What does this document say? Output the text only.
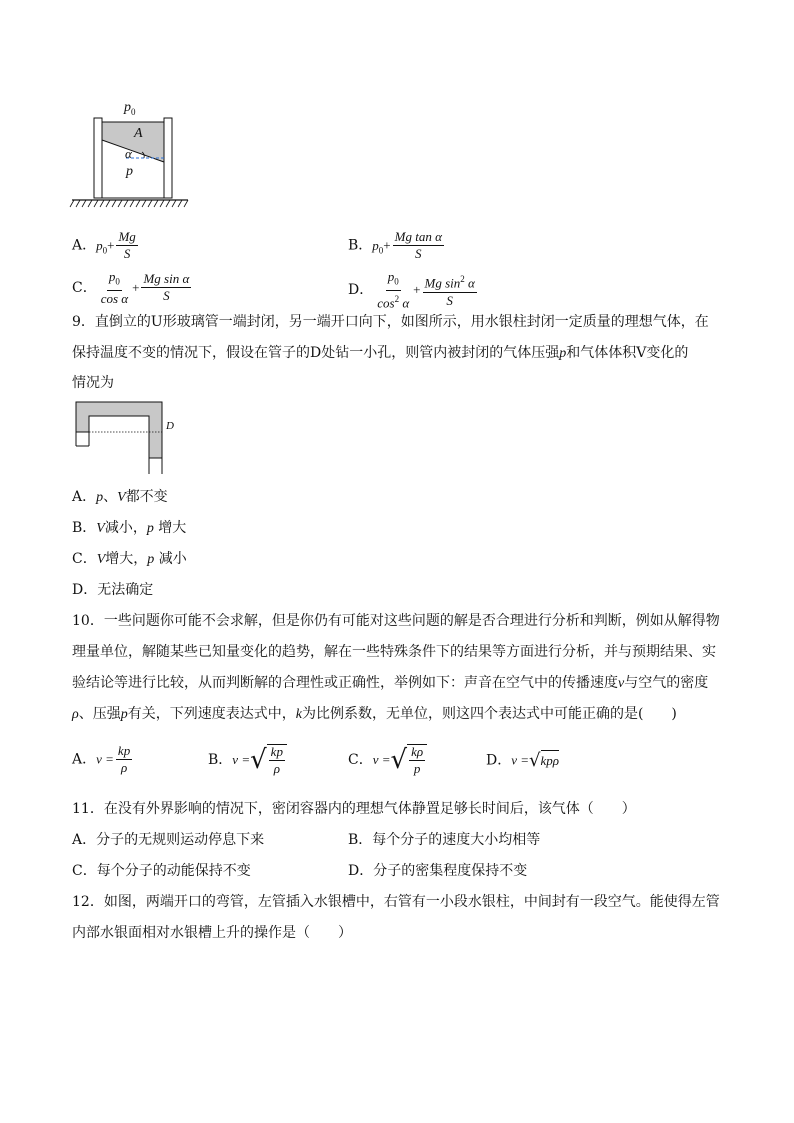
$p_0$
A
α
p
A．$p_0+ \frac{Mg}{S}$	B．$p_0+ \frac{\text{Mg tan α}}{S}$
C． $\frac{p_0}{\text{cos α}} + \frac{\text{Mg sin α}}{S}$	D． $\frac{p_0}{\cos^2 \alpha} + \frac{Mg \sin^2 \alpha}{S}$
9．直倒立的U形玻璃管一端封闭，另一端开口向下，如图所示，用水银柱封闭一定质量的理想气体，在
保持温度不变的情况下，假设在管子的D处钻一小孔，则管内被封闭的气体压强p和气体体积V变化的
情况为
D
A．p、V都不变
B．V减小，p 增大
C．V增大，p 减小
D．无法确定
10．一些问题你可能不会求解，但是你仍有可能对这些问题的解是否合理进行分析和判断，例如从解得物
理量单位，解随某些已知量变化的趋势，解在一些特殊条件下的结果等方面进行分析，并与预期结果、实
验结论等进行比较，从而判断解的合理性或正确性，举例如下：声音在空气中的传播速度v与空气的密度
ρ、压强p有关，下列速度表达式中，k为比例系数，无单位，则这四个表达式中可能正确的是(　　)
A．$v = \frac{kp}{\rho}$	B．v = √ $\frac{kp}{\rho}$	C．v = √ $\frac{k\rho}{p}$	D．v = √ kpρ
11．在没有外界影响的情况下，密闭容器内的理想气体静置足够长时间后，该气体（　　）
A．分子的无规则运动停息下来	B．每个分子的速度大小均相等
C．每个分子的动能保持不变	D．分子的密集程度保持不变
12．如图，两端开口的弯管，左管插入水银槽中，右管有一小段水银柱，中间封有一段空气。能使得左管
内部水银面相对水银槽上升的操作是（　　）
